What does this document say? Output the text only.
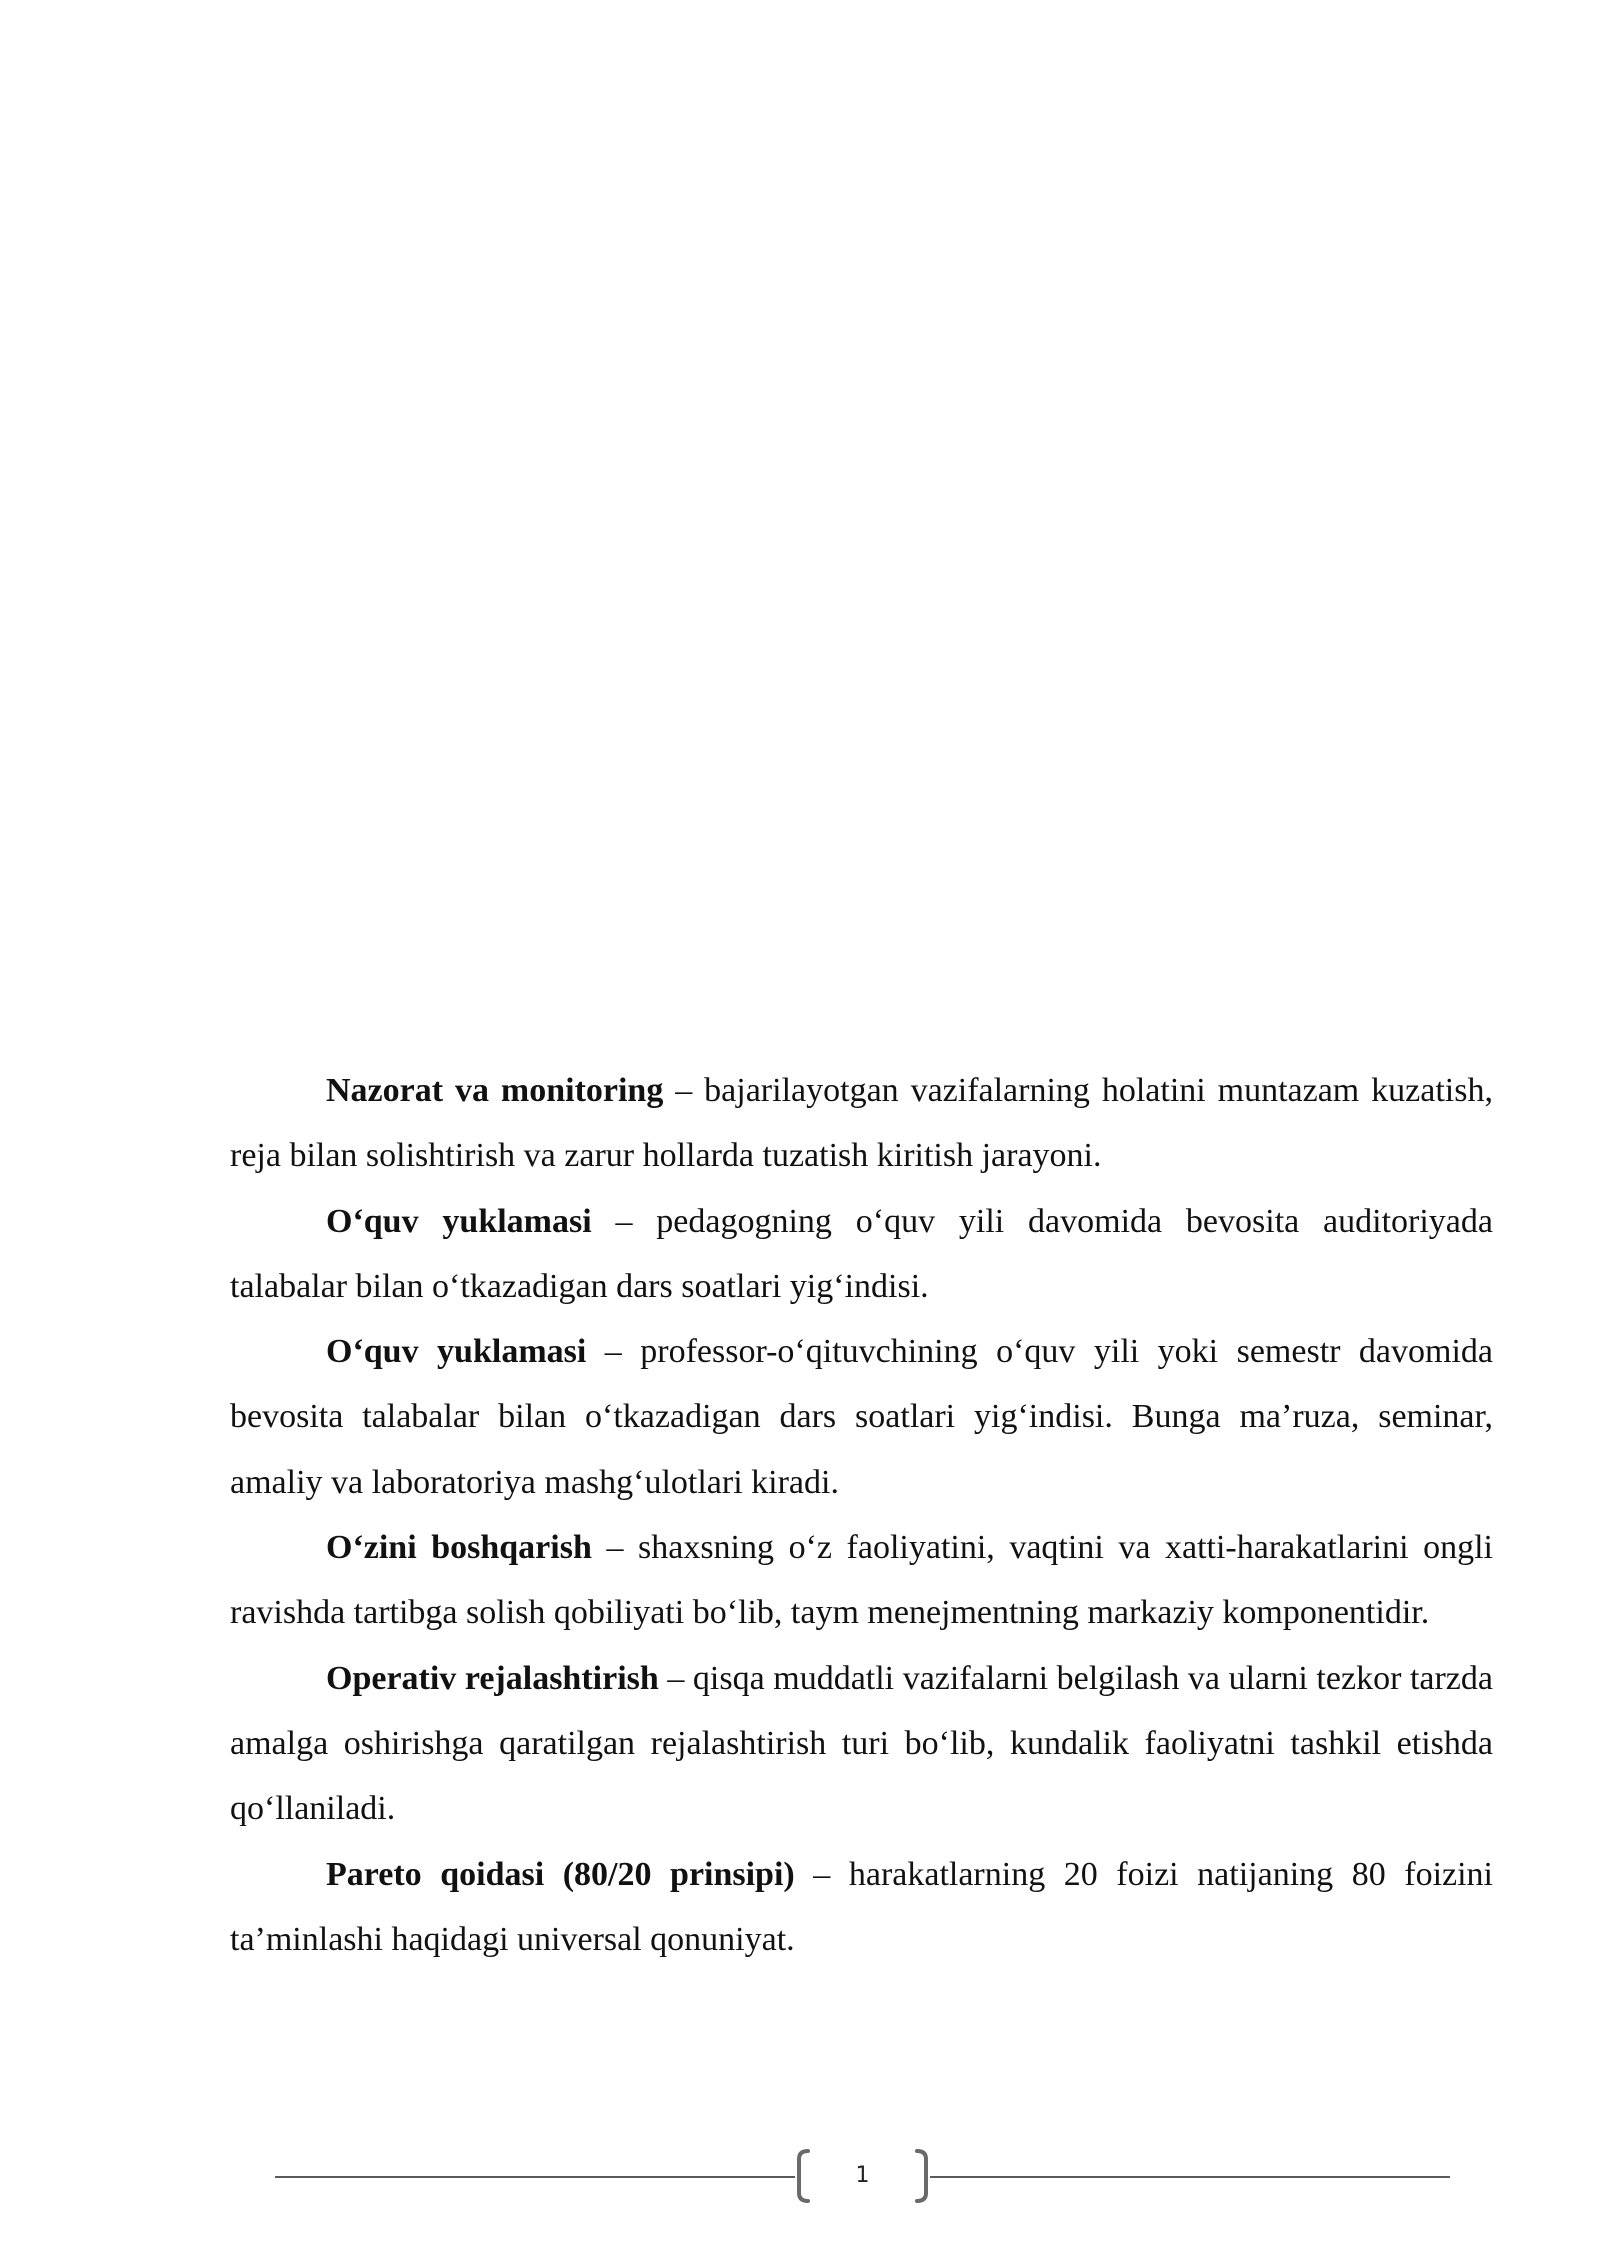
Nazorat va monitoring – bajarilayotgan vazifalarning holatini muntazam kuzatish, reja bilan solishtirish va zarur hollarda tuzatish kiritish jarayoni.

O‘quv yuklamasi – pedagogning o‘quv yili davomida bevosita auditoriyada talabalar bilan o‘tkazadigan dars soatlari yig‘indisi.

O‘quv yuklamasi – professor-o‘qituvchining o‘quv yili yoki semestr davomida bevosita talabalar bilan o‘tkazadigan dars soatlari yig‘indisi. Bunga ma’ruza, seminar, amaliy va laboratoriya mashg‘ulotlari kiradi.

O‘zini boshqarish – shaxsning o‘z faoliyatini, vaqtini va xatti-harakatlarini ongli ravishda tartibga solish qobiliyati bo‘lib, taym menejmentning markaziy komponentidir.

Operativ rejalashtirish – qisqa muddatli vazifalarni belgilash va ularni tezkor tarzda amalga oshirishga qaratilgan rejalashtirish turi bo‘lib, kundalik faoliyatni tashkil etishda qo‘llaniladi.

Pareto qoidasi (80/20 prinsipi) – harakatlarning 20 foizi natijaning 80 foizini ta’minlashi haqidagi universal qonuniyat.

1
